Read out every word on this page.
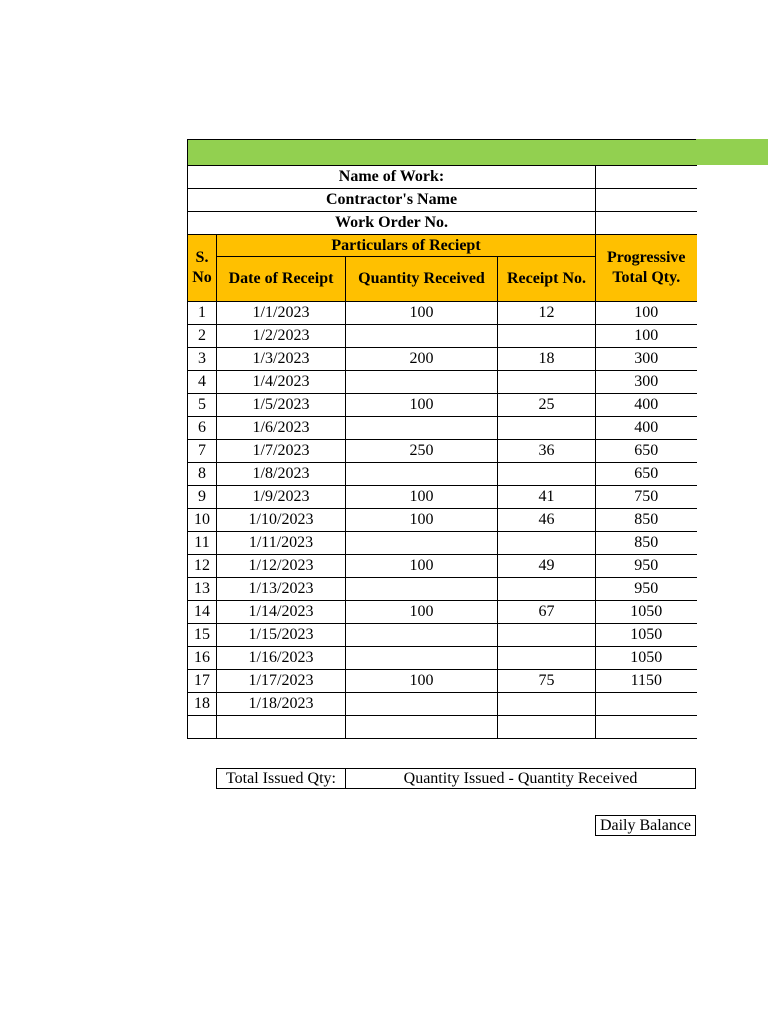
Name of Work:				
Contractor's Name				
Work Order No.				
S.
No	Particulars of Reciept			Progressive
Total Qty.
	Date of Receipt	Quantity Received	Receipt No.	
1	1/1/2023	100	12	100
2	1/2/2023			100
3	1/3/2023	200	18	300
4	1/4/2023			300
5	1/5/2023	100	25	400
6	1/6/2023			400
7	1/7/2023	250	36	650
8	1/8/2023			650
9	1/9/2023	100	41	750
10	1/10/2023	100	46	850
11	1/11/2023			850
12	1/12/2023	100	49	950
13	1/13/2023			950
14	1/14/2023	100	67	1050
15	1/15/2023			1050
16	1/16/2023			1050
17	1/17/2023	100	75	1150
18	1/18/2023			

Total Issued Qty:	Quantity Issued - Quantity Received
Daily Balance
